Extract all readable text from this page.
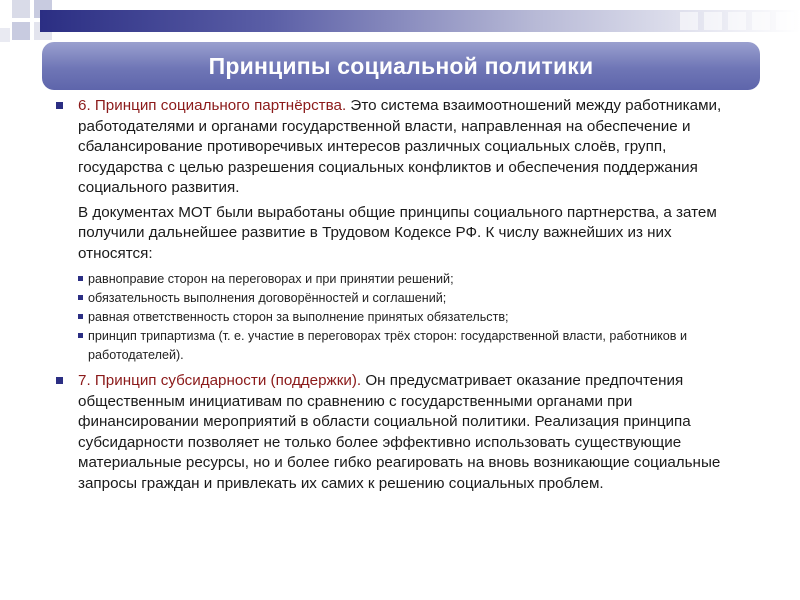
Принципы социальной политики

6. Принцип социального партнёрства. Это система взаимоотношений между работниками, работодателями и органами государственной власти, направленная на обеспечение и сбалансирование противоречивых интересов различных социальных слоёв, групп, государства с целью разрешения социальных конфликтов и обеспечения поддержания социального развития.

В документах МОТ были выработаны общие принципы социального партнерства, а затем получили дальнейшее развитие в Трудовом Кодексе РФ. К числу важнейших из них относятся:

равноправие сторон на переговорах и при принятии решений;
обязательность выполнения договорённостей и соглашений;
равная ответственность сторон за выполнение принятых обязательств;
принцип трипартизма (т. е. участие в переговорах трёх сторон: государственной власти, работников и работодателей).

7. Принцип субсидарности (поддержки). Он предусматривает оказание предпочтения общественным инициативам по сравнению с государственными органами при финансировании мероприятий в области социальной политики. Реализация принципа субсидарности позволяет не только более эффективно использовать существующие материальные ресурсы, но и более гибко реагировать на вновь возникающие социальные запросы граждан и привлекать их самих к решению социальных проблем.
